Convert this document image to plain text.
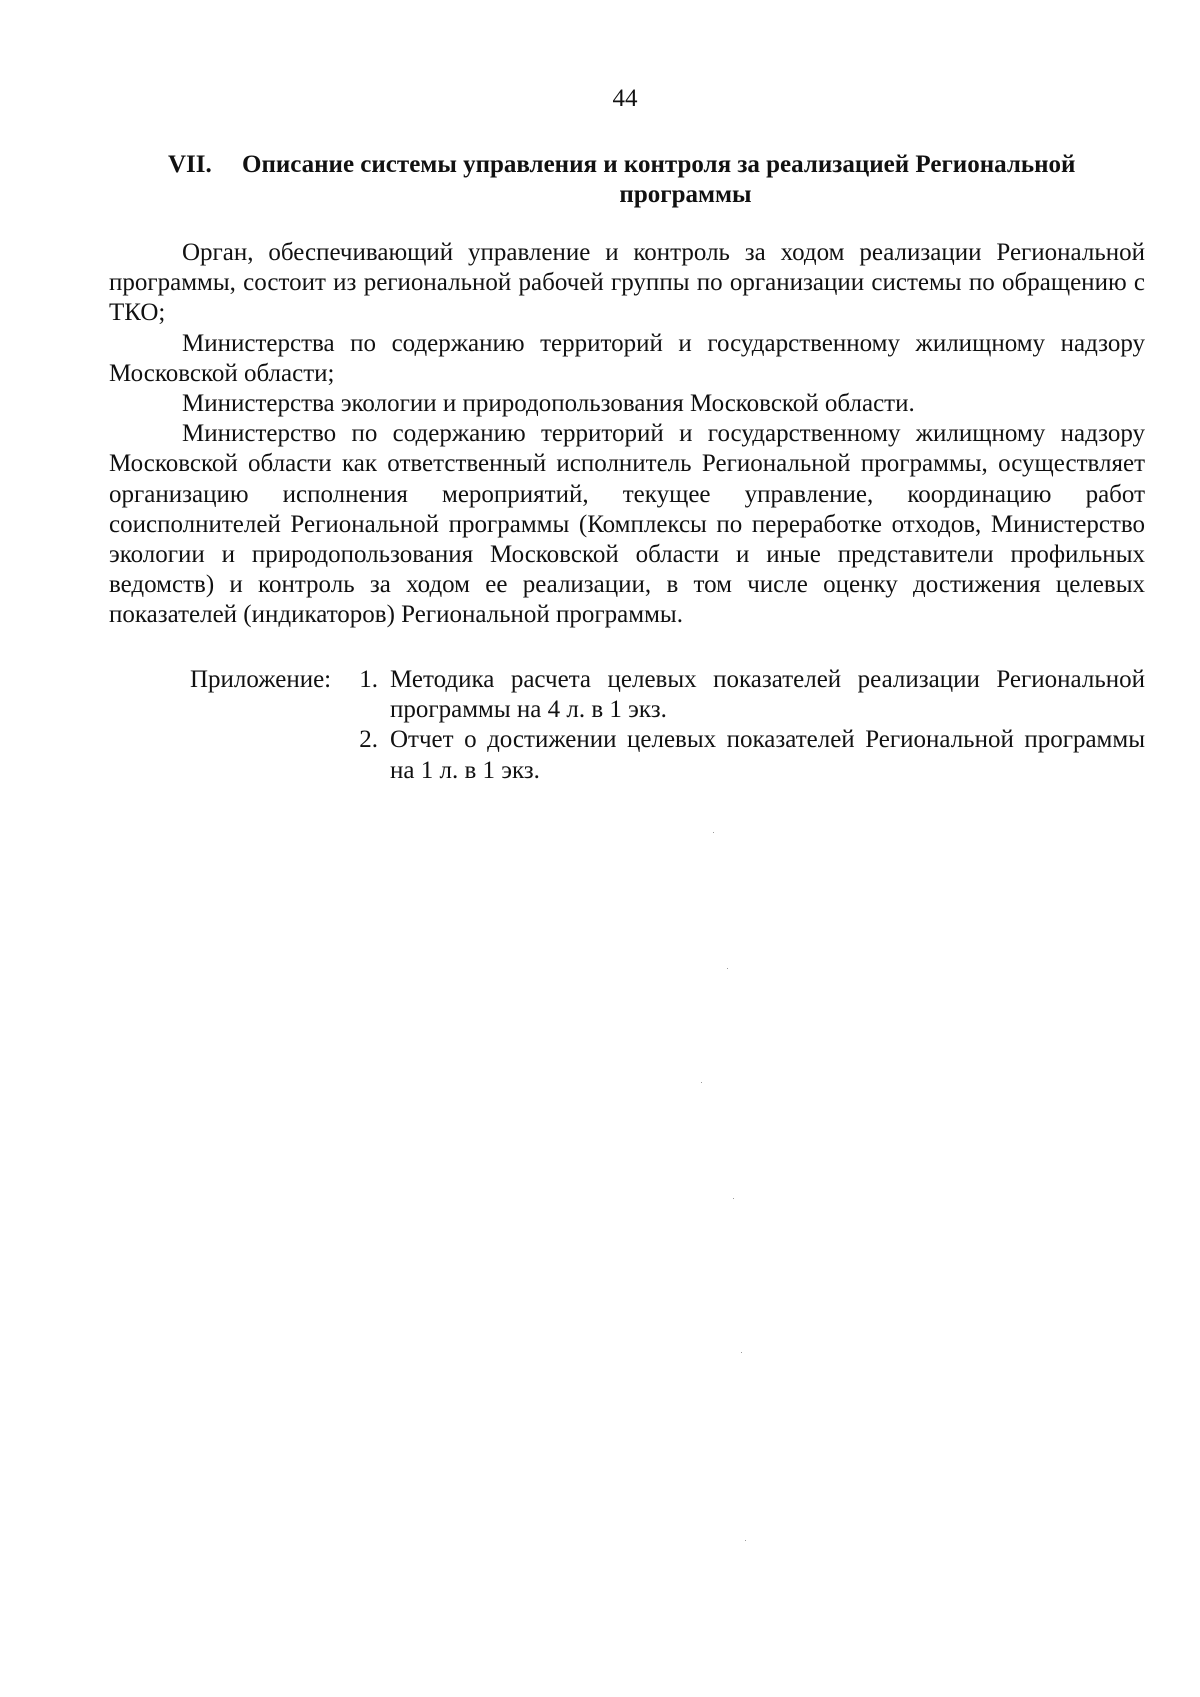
44
VII.	Описание системы управления и контроля за реализацией Региональной
программы

Орган, обеспечивающий управление и контроль за ходом реализации Региональной программы, состоит из региональной рабочей группы по организации системы по обращению с ТКО;

Министерства по содержанию территорий и государственному жилищному надзору Московской области;

Министерства экологии и природопользования Московской области.

Министерство по содержанию территорий и государственному жилищному надзору Московской области как ответственный исполнитель Региональной программы, осуществляет организацию исполнения мероприятий, текущее управление, координацию работ соисполнителей Региональной программы (Комплексы по переработке отходов, Министерство экологии и природопользования Московской области и иные представители профильных ведомств) и контроль за ходом ее реализации, в том числе оценку достижения целевых показателей (индикаторов) Региональной программы.

Приложение:	1. Методика расчета целевых показателей реализации Региональной программы на 4 л. в 1 экз.
2. Отчет о достижении целевых показателей Региональной программы на 1 л. в 1 экз.
